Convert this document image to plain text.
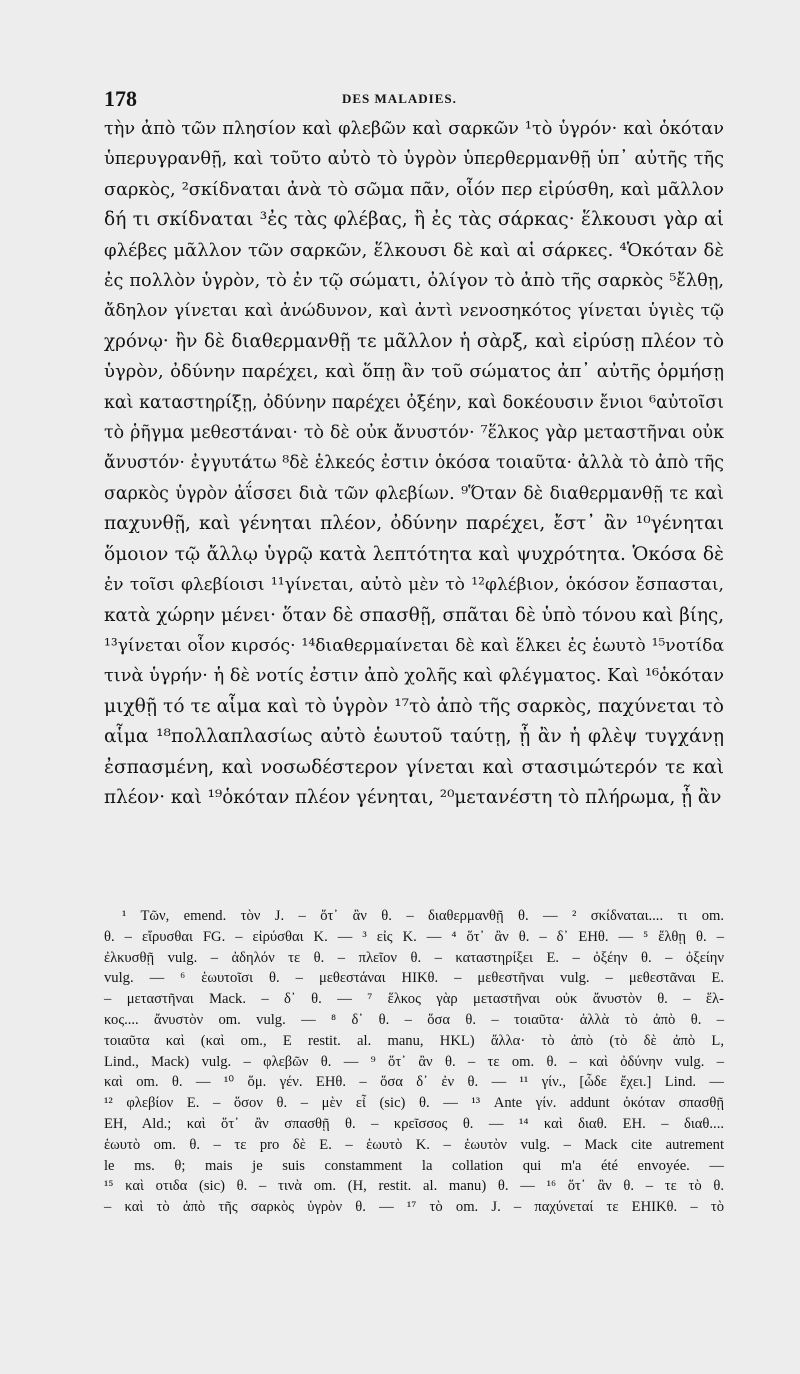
178	DES MALADIES.
τὴν ἀπὸ τῶν πλησίον καὶ φλεβῶν καὶ σαρκῶν ¹τὸ ὑγρόν· καὶ ὁκόταν
ὑπερυγρανθῇ, καὶ τοῦτο αὐτὸ τὸ ὑγρὸν ὑπερθερμανθῇ ὑπ᾽ αὐτῆς τῆς
σαρκὸς, ²σκίδναται ἀνὰ τὸ σῶμα πᾶν, οἷόν περ εἰρύσθη, καὶ μᾶλλον
δή τι σκίδναται ³ἐς τὰς φλέβας, ἢ ἐς τὰς σάρκας· ἕλκουσι γὰρ αἱ
φλέβες μᾶλλον τῶν σαρκῶν, ἕλκουσι δὲ καὶ αἱ σάρκες. ⁴Ὁκόταν δὲ
ἐς πολλὸν ὑγρὸν, τὸ ἐν τῷ σώματι, ὀλίγον τὸ ἀπὸ τῆς σαρκὸς ⁵ἔλθῃ,
ἄδηλον γίνεται καὶ ἀνώδυνον, καὶ ἀντὶ νενοσηκότος γίνεται ὑγιὲς τῷ
χρόνῳ· ἢν δὲ διαθερμανθῇ τε μᾶλλον ἡ σὰρξ, καὶ εἰρύσῃ πλέον τὸ
ὑγρὸν, ὀδύνην παρέχει, καὶ ὅπῃ ἂν τοῦ σώματος ἀπ᾽ αὐτῆς ὁρμήσῃ
καὶ καταστηρίξῃ, ὀδύνην παρέχει ὀξέην, καὶ δοκέουσιν ἔνιοι ⁶αὐτοῖσι
τὸ ῥῆγμα μεθεστάναι· τὸ δὲ οὐκ ἄνυστόν· ⁷ἕλκος γὰρ μεταστῆναι οὐκ
ἄνυστόν· ἐγγυτάτω ⁸δὲ ἑλκεός ἐστιν ὁκόσα τοιαῦτα· ἀλλὰ τὸ ἀπὸ τῆς
σαρκὸς ὑγρὸν ἀΐσσει διὰ τῶν φλεβίων. ⁹Ὅταν δὲ διαθερμανθῇ τε καὶ
παχυνθῇ, καὶ γένηται πλέον, ὀδύνην παρέχει, ἔστ᾽ ἂν ¹⁰γένηται
ὅμοιον τῷ ἄλλῳ ὑγρῷ κατὰ λεπτότητα καὶ ψυχρότητα. Ὁκόσα δὲ
ἐν τοῖσι φλεβίοισι ¹¹γίνεται, αὐτὸ μὲν τὸ ¹²φλέβιον, ὁκόσον ἔσπασται,
κατὰ χώρην μένει· ὅταν δὲ σπασθῇ, σπᾶται δὲ ὑπὸ τόνου καὶ βίης,
¹³γίνεται οἷον κιρσός· ¹⁴διαθερμαίνεται δὲ καὶ ἕλκει ἐς ἑωυτὸ ¹⁵νοτίδα
τινὰ ὑγρήν· ἡ δὲ νοτίς ἐστιν ἀπὸ χολῆς καὶ φλέγματος. Καὶ ¹⁶ὁκόταν
μιχθῇ τό τε αἷμα καὶ τὸ ὑγρὸν ¹⁷τὸ ἀπὸ τῆς σαρκὸς, παχύνεται τὸ
αἷμα ¹⁸πολλαπλασίως αὐτὸ ἑωυτοῦ ταύτῃ, ᾗ ἂν ἡ φλὲψ τυγχάνῃ
ἐσπασμένη, καὶ νοσωδέστερον γίνεται καὶ στασιμώτερόν τε καὶ
πλέον· καὶ ¹⁹ὁκόταν πλέον γένηται, ²⁰μετανέστη τὸ πλήρωμα, ᾗ ἂν
¹ Τῶν, emend. τὸν J. – ὅτ᾽ ἂν θ. – διαθερμανθῇ θ. — ² σκίδναται.... τι om.
θ. – εἴρυσθαι FG. – εἰρύσθαι K. — ³ εἰς K. — ⁴ ὅτ᾽ ἂν θ. – δ᾽ EHθ. — ⁵ ἔλθῃ θ. –
ἐλκυσθῇ vulg. – ἀδηλόν τε θ. – πλεῖον θ. – καταστηρίξει E. – ὀξέην θ. – ὀξείην
vulg. — ⁶ ἑωυτοῖσι θ. – μεθεστάναι HIKθ. – μεθεστῆναι vulg. – μεθεστᾶναι E.
– μεταστῆναι Mack. – δ᾽ θ. — ⁷ ἕλκος γὰρ μεταστῆναι οὐκ ἄνυστὸν θ. – ἕλ-
κος.... ἄνυστὸν om. vulg. — ⁸ δ᾽ θ. – ὅσα θ. – τοιαῦτα· ἀλλὰ τὸ ἀπὸ θ. –
τοιαῦτα καὶ (καὶ om., E restit. al. manu, HKL) ἄλλα· τὸ ἀπὸ (τὸ δὲ ἀπὸ L,
Lind., Mack) vulg. – φλεβῶν θ. — ⁹ ὅτ᾽ ἂν θ. – τε om. θ. – καὶ ὀδύνην vulg. –
καὶ om. θ. — ¹⁰ ὅμ. γέν. EHθ. – ὅσα δ᾽ ἐν θ. — ¹¹ γίν., [ὧδε ἔχει.] Lind. —
¹² φλεβίον E. – ὅσον θ. – μὲν εἶ (sic) θ. — ¹³ Ante γίν. addunt ὁκόταν σπασθῇ
EH, Ald.; καὶ ὅτ᾽ ἂν σπασθῇ θ. – κρεῖσσος θ. — ¹⁴ καὶ διαθ. EH. – διαθ....
ἑωυτὸ om. θ. – τε pro δὲ E. – ἑωυτὸ K. – ἑωυτὸν vulg. – Mack cite autrement
le ms. θ; mais je suis constamment la collation qui m'a été envoyée. —
¹⁵ καὶ οτιδα (sic) θ. – τινὰ om. (H, restit. al. manu) θ. — ¹⁶ ὅτ᾽ ἂν θ. – τε τὸ θ.
– καὶ τὸ ἀπὸ τῆς σαρκὸς ὑγρὸν θ. — ¹⁷ τὸ om. J. – παχύνεταί τε EHIKθ. – τὸ
